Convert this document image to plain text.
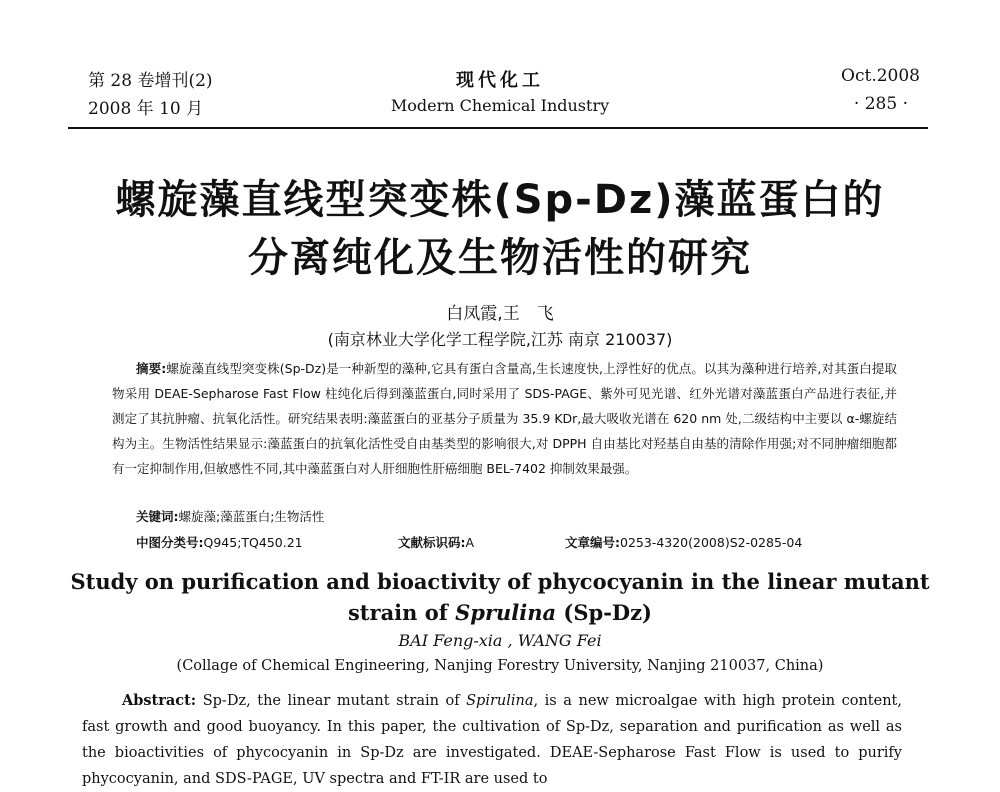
第 28 卷增刊(2)
2008 年 10 月
现代化工
Modern Chemical Industry
Oct.2008
· 285 ·
螺旋藻直线型突变株(Sp-Dz)藻蓝蛋白的
分离纯化及生物活性的研究
白凤霞,王　飞
(南京林业大学化学工程学院,江苏 南京 210037)
摘要:螺旋藻直线型突变株(Sp-Dz)是一种新型的藻种,它具有蛋白含量高,生长速度快,上浮性好的优点。以其为藻种进行培养,对其蛋白提取物采用 DEAE-Sepharose Fast Flow 柱纯化后得到藻蓝蛋白,同时采用了 SDS-PAGE、紫外可见光谱、红外光谱对藻蓝蛋白产品进行表征,并测定了其抗肿瘤、抗氧化活性。研究结果表明:藻蓝蛋白的亚基分子质量为 35.9 KDr,最大吸收光谱在 620 nm 处,二级结构中主要以 α-螺旋结构为主。生物活性结果显示:藻蓝蛋白的抗氧化活性受自由基类型的影响很大,对 DPPH 自由基比对羟基自由基的清除作用强;对不同肿瘤细胞都有一定抑制作用,但敏感性不同,其中藻蓝蛋白对人肝细胞性肝癌细胞 BEL-7402 抑制效果最强。
关键词:螺旋藻;藻蓝蛋白;生物活性
中图分类号:Q945;TQ450.21	文献标识码:A	文章编号:0253-4320(2008)S2-0285-04
Study on purification and bioactivity of phycocyanin in the linear mutant
strain of Sprulina (Sp-Dz)
BAI Feng-xia , WANG Fei
(Collage of Chemical Engineering, Nanjing Forestry University, Nanjing 210037, China)
Abstract: Sp-Dz, the linear mutant strain of Spirulina, is a new microalgae with high protein content, fast growth and good buoyancy. In this paper, the cultivation of Sp-Dz, separation and purification as well as the bioactivities of phycocyanin in Sp-Dz are investigated. DEAE-Sepharose Fast Flow is used to purify phycocyanin, and SDS-PAGE, UV spectra and FT-IR are used to
